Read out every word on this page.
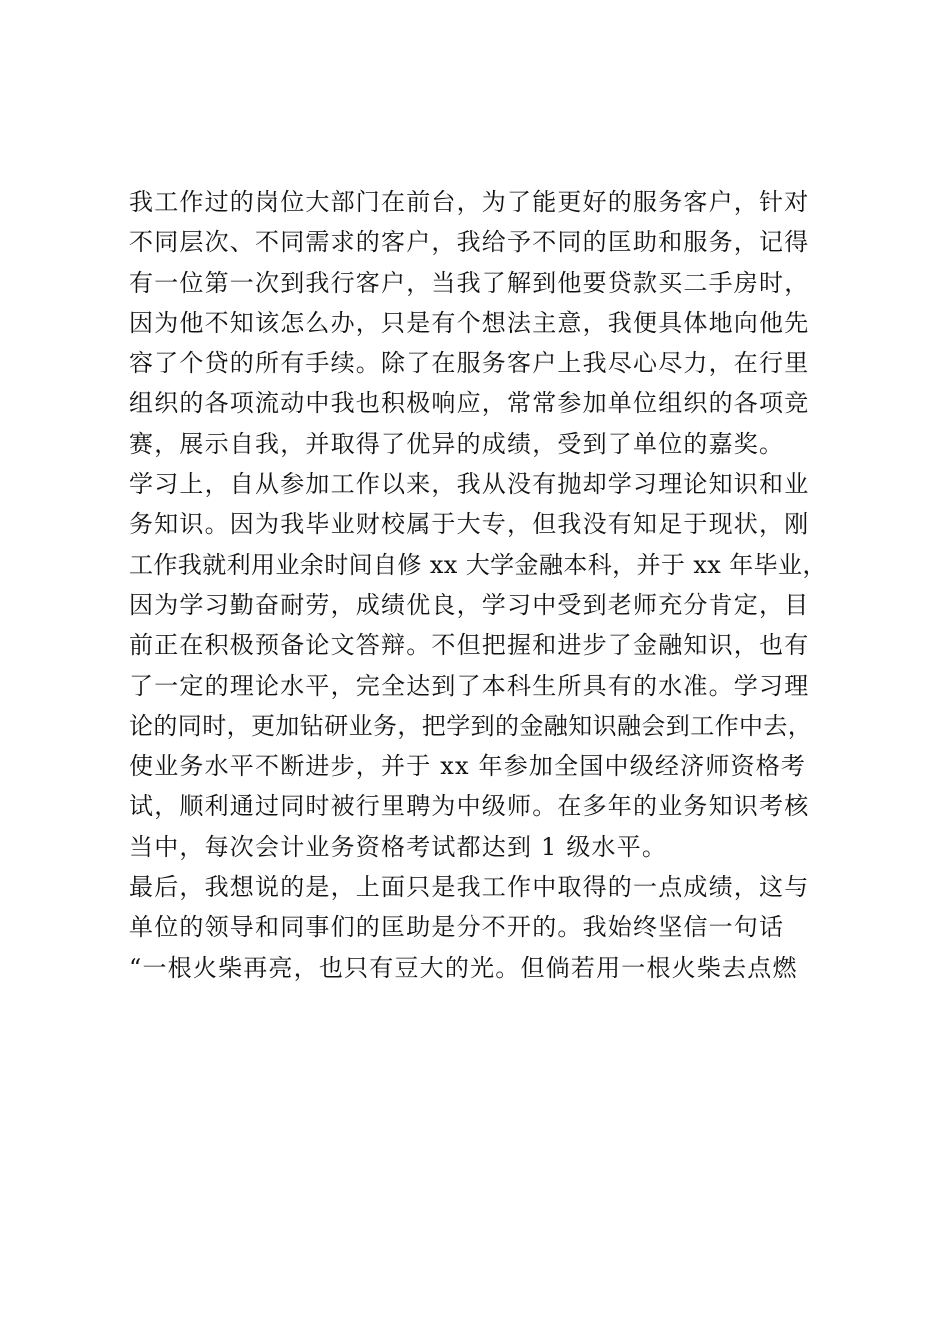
我工作过的岗位大部门在前台，为了能更好的服务客户，针对
不同层次、不同需求的客户，我给予不同的匡助和服务，记得
有一位第一次到我行客户，当我了解到他要贷款买二手房时，
因为他不知该怎么办，只是有个想法主意，我便具体地向他先
容了个贷的所有手续。除了在服务客户上我尽心尽力，在行里
组织的各项流动中我也积极响应，常常参加单位组织的各项竞
赛，展示自我，并取得了优异的成绩，受到了单位的嘉奖。
学习上，自从参加工作以来，我从没有抛却学习理论知识和业
务知识。因为我毕业财校属于大专，但我没有知足于现状，刚
工作我就利用业余时间自修 xx 大学金融本科，并于 xx 年毕业，
因为学习勤奋耐劳，成绩优良，学习中受到老师充分肯定，目
前正在积极预备论文答辩。不但把握和进步了金融知识，也有
了一定的理论水平，完全达到了本科生所具有的水准。学习理
论的同时，更加钻研业务，把学到的金融知识融会到工作中去，
使业务水平不断进步，并于 xx 年参加全国中级经济师资格考
试，顺利通过同时被行里聘为中级师。在多年的业务知识考核
当中，每次会计业务资格考试都达到 1 级水平。
最后，我想说的是，上面只是我工作中取得的一点成绩，这与
单位的领导和同事们的匡助是分不开的。我始终坚信一句话
“一根火柴再亮，也只有豆大的光。但倘若用一根火柴去点燃
